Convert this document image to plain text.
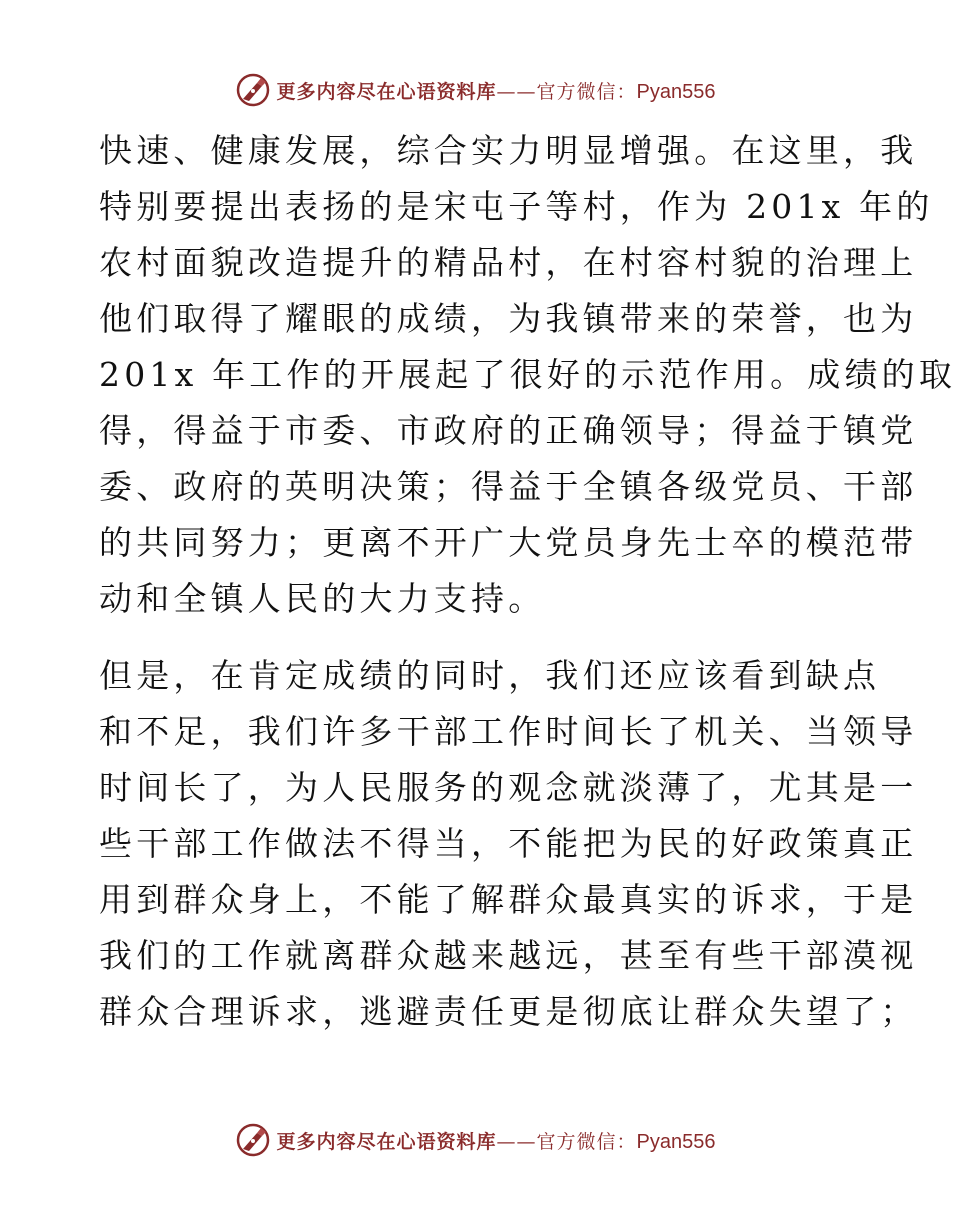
更多内容尽在心语资料库——官方微信：Pyan556
快速、健康发展，综合实力明显增强。在这里，我
特别要提出表扬的是宋屯子等村，作为 201x 年的
农村面貌改造提升的精品村，在村容村貌的治理上
他们取得了耀眼的成绩，为我镇带来的荣誉，也为
201x 年工作的开展起了很好的示范作用。成绩的取
得，得益于市委、市政府的正确领导；得益于镇党
委、政府的英明决策；得益于全镇各级党员、干部
的共同努力；更离不开广大党员身先士卒的模范带
动和全镇人民的大力支持。
但是，在肯定成绩的同时，我们还应该看到缺点
和不足，我们许多干部工作时间长了机关、当领导
时间长了，为人民服务的观念就淡薄了，尤其是一
些干部工作做法不得当，不能把为民的好政策真正
用到群众身上，不能了解群众最真实的诉求，于是
我们的工作就离群众越来越远，甚至有些干部漠视
群众合理诉求，逃避责任更是彻底让群众失望了；
更多内容尽在心语资料库——官方微信：Pyan556
